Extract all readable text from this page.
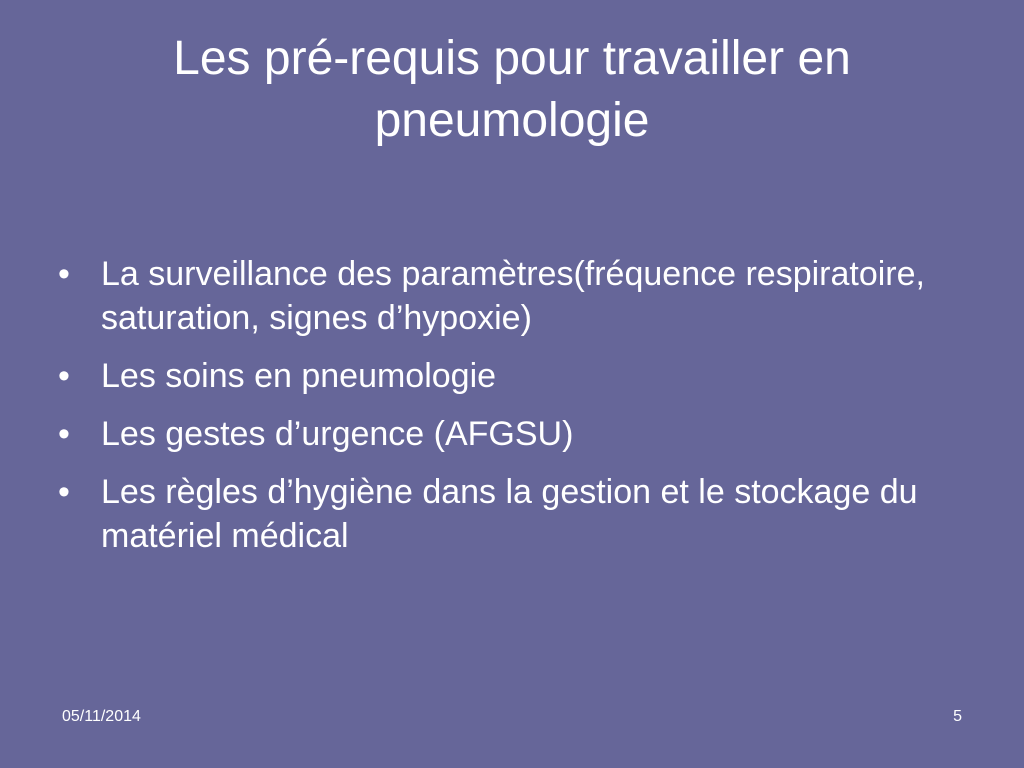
Les pré-requis pour travailler en pneumologie
• La surveillance des paramètres(fréquence respiratoire, saturation, signes d’hypoxie)
• Les soins en pneumologie
• Les gestes d’urgence (AFGSU)
• Les règles d’hygiène dans la gestion et le stockage du matériel médical
05/11/2014	5
